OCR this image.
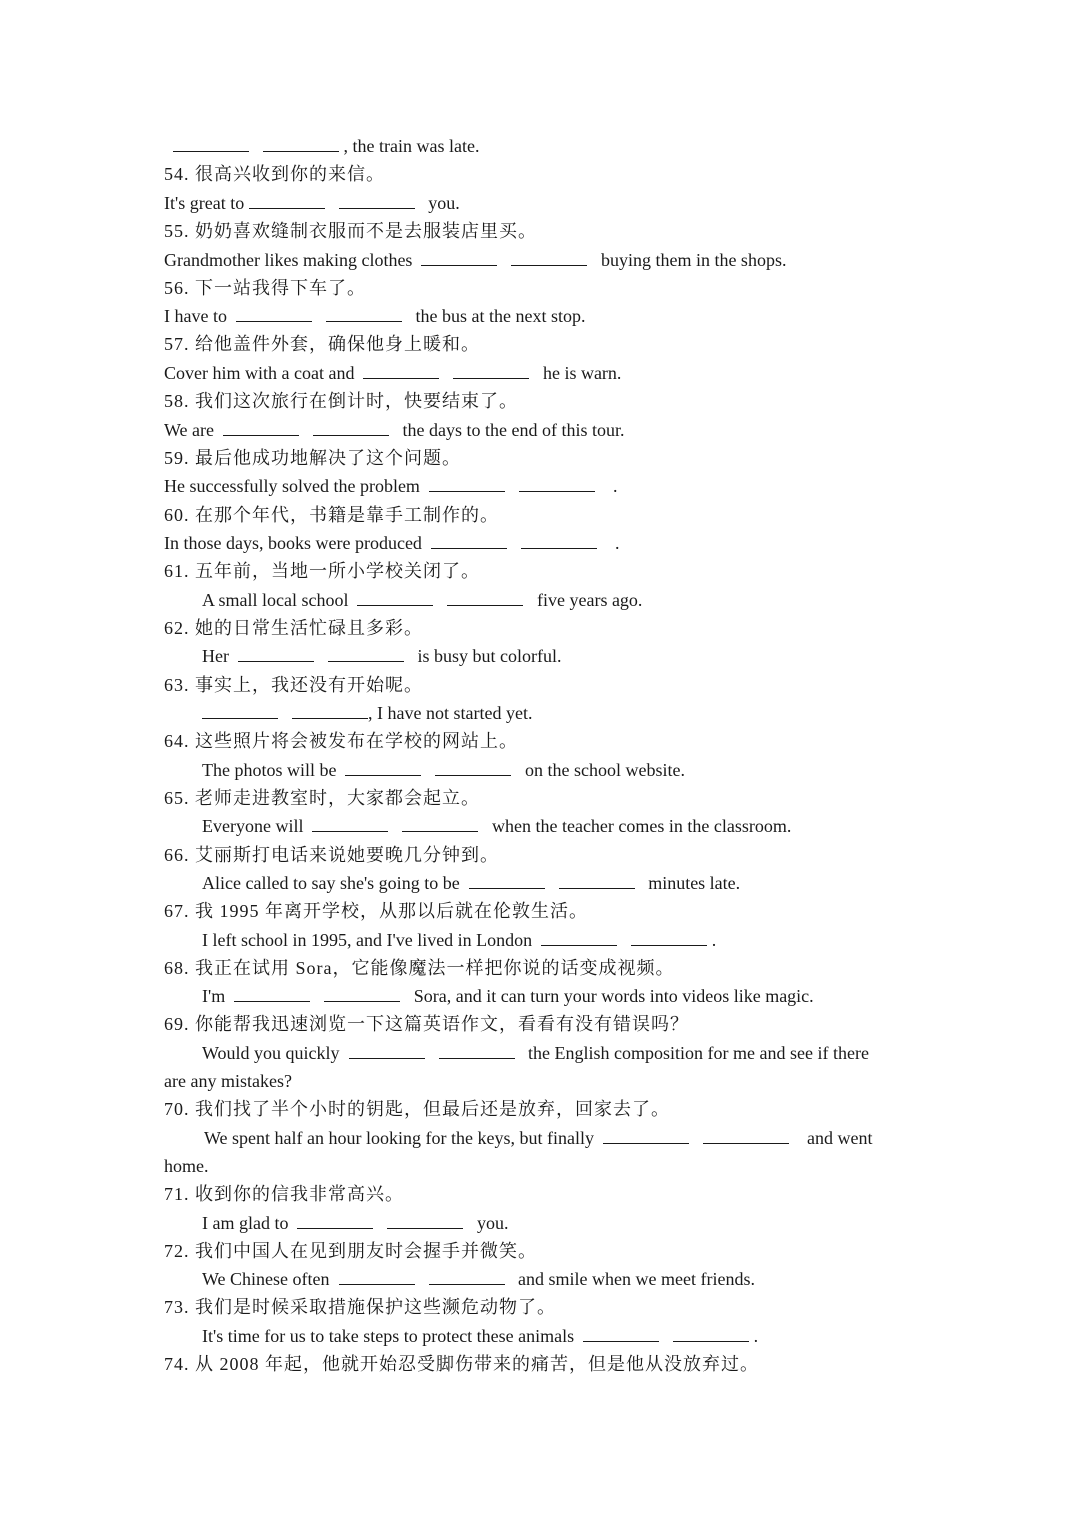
, the train was late.
54. 很高兴收到你的来信。
It's great to	you.
55. 奶奶喜欢缝制衣服而不是去服装店里买。
Grandmother likes making clothes	buying them in the shops.
56. 下一站我得下车了。
I have to	the bus at the next stop.
57. 给他盖件外套，确保他身上暖和。
Cover him with a coat and	he is warn.
58. 我们这次旅行在倒计时，快要结束了。
We are	the days to the end of this tour.
59. 最后他成功地解决了这个问题。
He successfully solved the problem	.
60. 在那个年代，书籍是靠手工制作的。
In those days, books were produced	.
61. 五年前，当地一所小学校关闭了。
A small local school	five years ago.
62. 她的日常生活忙碌且多彩。
Her	is busy but colorful.
63. 事实上，我还没有开始呢。
, I have not started yet.
64. 这些照片将会被发布在学校的网站上。
The photos will be	on the school website.
65. 老师走进教室时，大家都会起立。
Everyone will	when the teacher comes in the classroom.
66. 艾丽斯打电话来说她要晚几分钟到。
Alice called to say she's going to be	minutes late.
67. 我 1995 年离开学校，从那以后就在伦敦生活。
I left school in 1995, and I've lived in London	.
68. 我正在试用 Sora，它能像魔法一样把你说的话变成视频。
I'm	Sora, and it can turn your words into videos like magic.
69. 你能帮我迅速浏览一下这篇英语作文，看看有没有错误吗？
Would you quickly	the English composition for me and see if there
are any mistakes?
70. 我们找了半个小时的钥匙，但最后还是放弃，回家去了。
We spent half an hour looking for the keys, but finally	and went
home.
71. 收到你的信我非常高兴。
I am glad to	you.
72. 我们中国人在见到朋友时会握手并微笑。
We Chinese often	and smile when we meet friends.
73. 我们是时候采取措施保护这些濒危动物了。
It's time for us to take steps to protect these animals	.
74. 从 2008 年起，他就开始忍受脚伤带来的痛苦，但是他从没放弃过。
